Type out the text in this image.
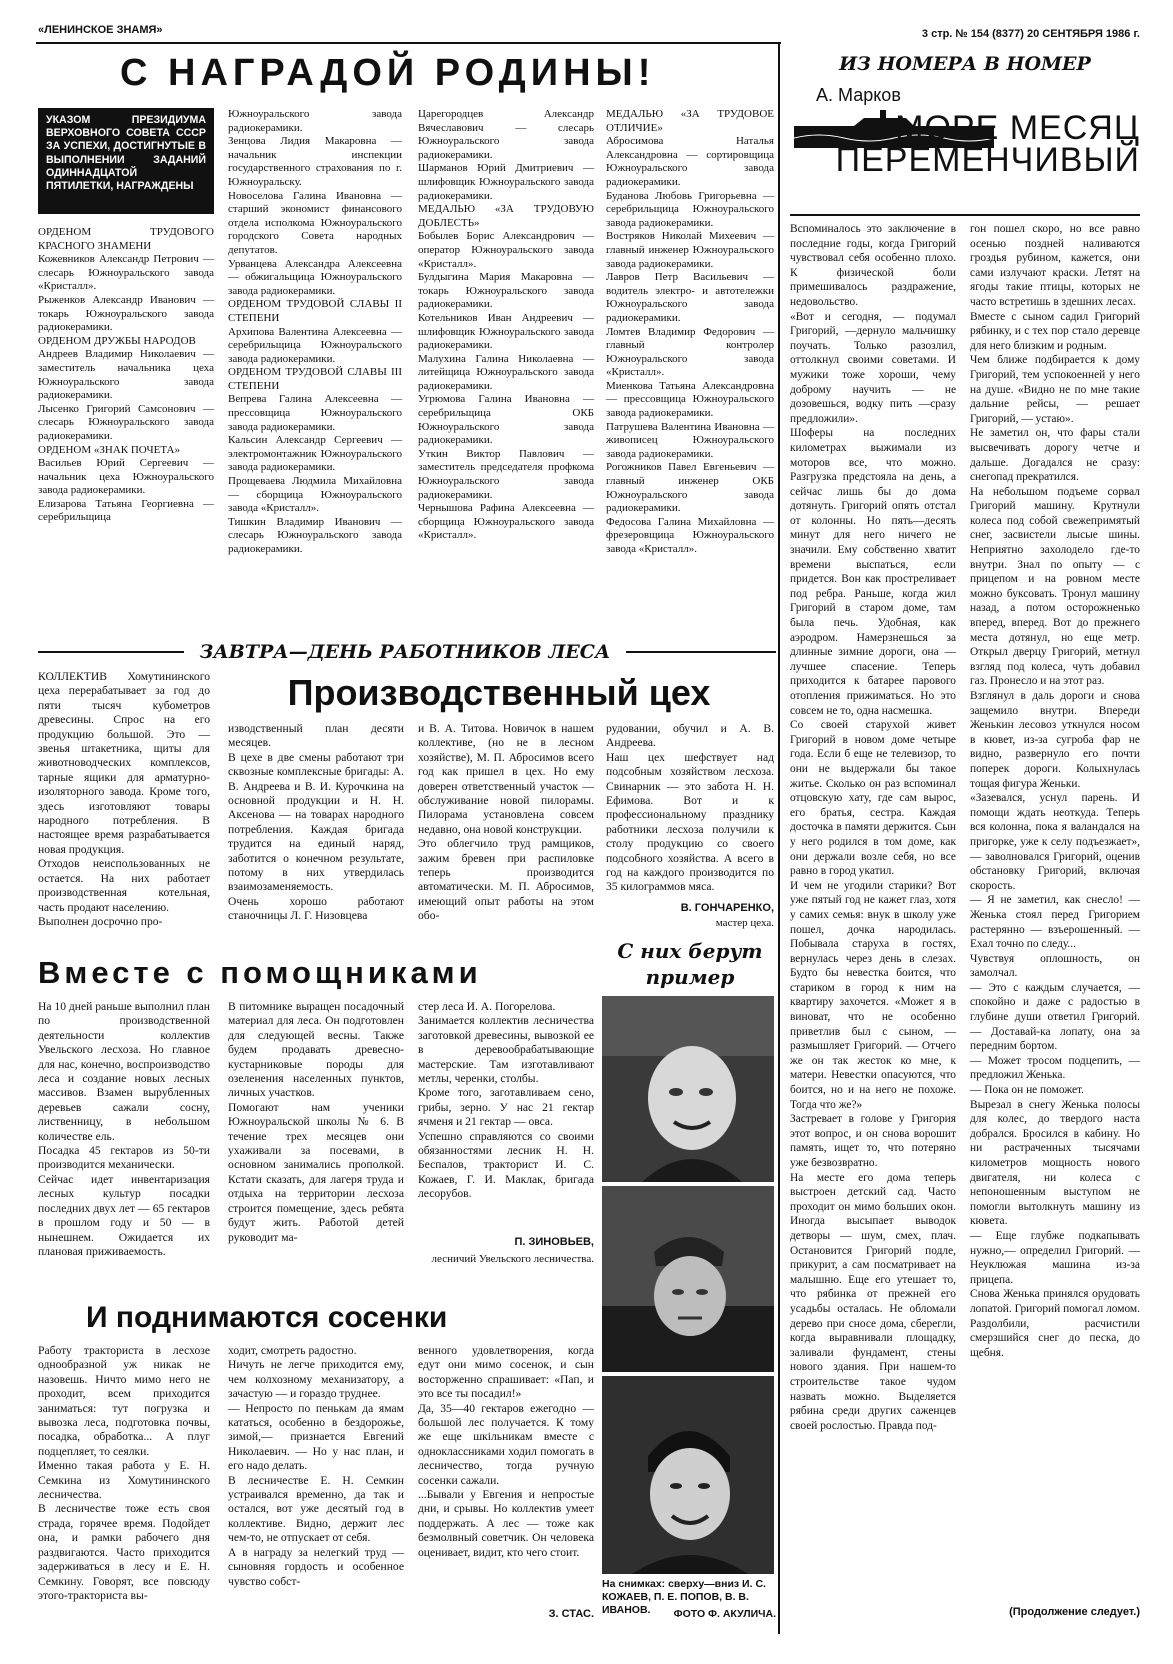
«ЛЕНИНСКОЕ ЗНАМЯ»	3 стр. № 154 (8377) 20 СЕНТЯБРЯ 1986 г.
С НАГРАДОЙ РОДИНЫ!
УКАЗОМ ПРЕЗИДИУМА ВЕРХОВНОГО СОВЕТА СССР ЗА УСПЕХИ, ДОСТИГНУТЫЕ В ВЫПОЛНЕНИИ ЗАДАНИЙ ОДИННАДЦАТОЙ ПЯТИЛЕТКИ, НАГРАЖДЕНЫ
ОРДЕНОМ ТРУДОВОГО КРАСНОГО ЗНАМЕНИ
Кожевников Александр Петрович — слесарь Южноуральского завода «Кристалл».
Рыженков Александр Иванович — токарь Южноуральского завода радиокерамики.
ОРДЕНОМ ДРУЖБЫ НАРОДОВ
Андреев Владимир Николаевич — заместитель начальника цеха Южноуральского завода радиокерамики.
Лысенко Григорий Самсонович — слесарь Южноуральского завода радиокерамики.
ОРДЕНОМ «ЗНАК ПОЧЕТА»
Васильев Юрий Сергеевич — начальник цеха Южноуральского завода радиокерамики.
Елизарова Татьяна Георгиевна — серебрильщица
Южноуральского завода радиокерамики.
Зенцова Лидия Макаровна — начальник инспекции государственного страхования по г. Южноуральску.
Новоселова Галина Ивановна — старший экономист финансового отдела исполкома Южноуральского городского Совета народных депутатов.
Урванцева Александра Алексеевна — обжигальщица Южноуральского завода радиокерамики.
ОРДЕНОМ ТРУДОВОЙ СЛАВЫ II СТЕПЕНИ
Архипова Валентина Алексеевна — серебрильщица Южноуральского завода радиокерамики.
ОРДЕНОМ ТРУДОВОЙ СЛАВЫ III СТЕПЕНИ
Вепрева Галина Алексеевна — прессовщица Южноуральского завода радиокерамики.
Кальсин Александр Сергеевич — электромонтажник Южноуральского завода радиокерамики.
Прощеваева Людмила Михайловна — сборщица Южноуральского завода «Кристалл».
Тишкин Владимир Иванович — слесарь Южноуральского завода радиокерамики.
Царегородцев Александр Вячеславович — слесарь Южноуральского завода радиокерамики.
Шарманов Юрий Дмитриевич — шлифовщик Южноуральского завода радиокерамики.
МЕДАЛЬЮ «ЗА ТРУДОВУЮ ДОБЛЕСТЬ»
Бобылев Борис Александрович — оператор Южноуральского завода «Кристалл».
Булдыгина Мария Макаровна — токарь Южноуральского завода радиокерамики.
Котельников Иван Андреевич — шлифовщик Южноуральского завода радиокерамики.
Малухина Галина Николаевна — литейщица Южноуральского завода радиокерамики.
Угрюмова Галина Ивановна — серебрильщица ОКБ Южноуральского завода радиокерамики.
Уткин Виктор Павлович — заместитель председателя профкома Южноуральского завода радиокерамики.
Чернышова Рафина Алексеевна — сборщица Южноуральского завода «Кристалл».
МЕДАЛЬЮ «ЗА ТРУДОВОЕ ОТЛИЧИЕ»
Абросимова Наталья Александровна — сортировщица Южноуральского завода радиокерамики.
Буданова Любовь Григорьевна — серебрильщица Южноуральского завода радиокерамики.
Востряков Николай Михеевич — главный инженер Южноуральского завода радиокерамики.
Лавров Петр Васильевич — водитель электро- и автотележки Южноуральского завода радиокерамики.
Ломтев Владимир Федорович — главный контролер Южноуральского завода «Кристалл».
Миенкова Татьяна Александровна — прессовщица Южноуральского завода радиокерамики.
Патрушева Валентина Ивановна — живописец Южноуральского завода радиокерамики.
Рогожников Павел Евгеньевич — главный инженер ОКБ Южноуральского завода радиокерамики.
Федосова Галина Михайловна — фрезеровщица Южноуральского завода «Кристалл».
ЗАВТРА—ДЕНЬ РАБОТНИКОВ ЛЕСА
Производственный цех
КОЛЛЕКТИВ Хомутининского цеха перерабатывает за год до пяти тысяч кубометров древесины. Спрос на его продукцию большой. Это — звенья штакетника, щиты для животноводческих комплексов, тарные ящики для арматурно-изоляторного завода. Кроме того, здесь изготовляют товары народного потребления. В настоящее время разрабатывается новая продукция.
Отходов неиспользованных не остается. На них работает производственная котельная, часть продают населению.
Выполнен досрочно про-
изводственный план десяти месяцев.
В цехе в две смены работают три сквозные комплексные бригады: А. В. Андреева и В. И. Курочкина на основной продукции и Н. Н. Аксенова — на товарах народного потребления. Каждая бригада трудится на единый наряд, заботится о конечном результате, потому в них утвердилась взаимозаменяемость.
Очень хорошо работают станочницы Л. Г. Низовцева
и В. А. Титова. Новичок в нашем коллективе, (но не в лесном хозяйстве), М. П. Абросимов всего год как пришел в цех. Но ему доверен ответственный участок — обслуживание новой пилорамы. Пилорама установлена совсем недавно, она новой конструкции.
Это облегчило труд рамщиков, зажим бревен при распиловке теперь производится автоматически. М. П. Абросимов, имеющий опыт работы на этом обо-
рудовании, обучил и А. В. Андреева.
Наш цех шефствует над подсобным хозяйством лесхоза. Свинарник — это забота Н. Н. Ефимова. Вот и к профессиональному празднику работники лесхоза получили к столу продукцию со своего подсобного хозяйства. А всего в год на каждого производится по 35 килограммов мяса.
В. ГОНЧАРЕНКО,
мастер цеха.
С них берут пример
Вместе с помощниками
На 10 дней раньше выполнил план по производственной деятельности коллектив Увельского лесхоза. Но главное для нас, конечно, воспроизводство леса и создание новых лесных массивов. Взамен вырубленных деревьев сажали сосну, лиственницу, в небольшом количестве ель.
Посадка 45 гектаров из 50-ти производится механически.
Сейчас идет инвентаризация лесных культур посадки последних двух лет — 65 гектаров в прошлом году и 50 — в нынешнем. Ожидается их плановая приживаемость.
В питомнике выращен посадочный материал для леса. Он подготовлен для следующей весны. Также будем продавать древесно-кустарниковые породы для озеленения населенных пунктов, личных участков.
Помогают нам ученики Южноуральской школы № 6. В течение трех месяцев они ухаживали за посевами, в основном занимались прополкой. Кстати сказать, для лагеря труда и отдыха на территории лесхоза строится помещение, здесь ребята будут жить. Работой детей руководит ма-
стер леса И. А. Погорелова.
Занимается коллектив лесничества заготовкой древесины, вывозкой ее в деревообрабатывающие мастерские. Там изготавливают метлы, черенки, столбы.
Кроме того, заготавливаем сено, грибы, зерно. У нас 21 гектар ячменя и 21 гектар — овса.
Успешно справляются со своими обязанностями лесник Н. Н. Беспалов, тракторист И. С. Кожаев, Г. И. Маклак, бригада лесорубов.
П. ЗИНОВЬЕВ,
лесничий Увельского лесничества.
На снимках: сверху—вниз И. С. КОЖАЕВ, П. Е. ПОПОВ, В. В. ИВАНОВ.	ФОТО Ф. АКУЛИЧА.
И поднимаются сосенки
Работу тракториста в лесхозе однообразной уж никак не назовешь. Ничто мимо него не проходит, всем приходится заниматься: тут погрузка и вывозка леса, подготовка почвы, посадка, обработка... А плуг подцепляет, то сеялки.
Именно такая работа у Е. Н. Семкина из Хомутининского лесничества.
В лесничестве тоже есть своя страда, горячее время. Подойдет она, и рамки рабочего дня раздвигаются. Часто приходится задерживаться в лесу и Е. Н. Семкину. Говорят, все повсюду этого-тракториста вы-
ходит, смотреть радостно.
Ничуть не легче приходится ему, чем колхозному механизатору, а зачастую — и гораздо труднее.
— Непросто по пенькам да ямам кататься, особенно в бездорожье, зимой,— признается Евгений Николаевич. — Но у нас план, и его надо делать.
В лесничестве Е. Н. Семкин устраивался временно, да так и остался, вот уже десятый год в коллективе. Видно, держит лес чем-то, не отпускает от себя.
А в награду за нелегкий труд — сыновняя гордость и особенное чувство собст-
венного удовлетворения, когда едут они мимо сосенок, и сын восторженно спрашивает: «Пап, и это все ты посадил!»
Да, 35—40 гектаров ежегодно — большой лес получается. К тому же еще шкільникам вместе с одноклассниками ходил помогать в лесничество, тогда ручную сосенки сажали.
...Бывали у Евгения и непростые дни, и срывы. Но коллектив умеет поддержать. А лес — тоже как безмолвный советчик. Он человека оценивает, видит, кто чего стоит.
З. СТАС.
ИЗ НОМЕРА В НОМЕР
А. Марков
МОРЕ МЕСЯЦ ПЕРЕМЕНЧИВЫЙ
Вспоминалось это заключение в последние годы, когда Григорий чувствовал себя особенно плохо. К физической боли примешивалось раздражение, недовольство.
«Вот и сегодня, — подумал Григорий, —дернуло мальчишку поучать. Только разозлил, оттолкнул своими советами. И мужики тоже хороши, чему доброму научить — не дозовешься, водку пить —сразу предложили».
Шоферы на последних километрах выжимали из моторов все, что можно. Разгрузка предстояла на день, а сейчас лишь бы до дома дотянуть. Григорий опять отстал от колонны. Но пять—десять минут для него ничего не значили. Ему собственно хватит времени выспаться, если придется. Вон как простреливает под ребра. Раньше, когда жил Григорий в старом доме, там была печь. Удобная, как аэродром. Намерзнешься за длинные зимние дороги, она — лучшее спасение. Теперь приходится к батарее парового отопления прижиматься. Но это совсем не то, одна насмешка.
Со своей старухой живет Григорий в новом доме четыре года. Если б еще не телевизор, то они не выдержали бы такое житье. Сколько он раз вспоминал отцовскую хату, где сам вырос, его братья, сестра. Каждая досточка в памяти держится. Сын у него родился в том доме, как они держали возле себя, но все равно в город укатил.
И чем не угодили старики? Вот уже пятый год не кажет глаз, хотя у самих семья: внук в школу уже пошел, дочка народилась. Побывала старуха в гостях, вернулась через день в слезах. Будто бы невестка боится, что стариком в город к ним на квартиру захочется. «Может я в виноват, что не особенно приветлив был с сыном, — размышляет Григорий. — Отчего же он так жесток ко мне, к матери. Невестки опасуются, что боится, но и на него не похоже. Тогда что же?»
Застревает в голове у Григория этот вопрос, и он снова ворошит память, ищет то, что потеряно уже безвозвратно.
На месте его дома теперь выстроен детский сад. Часто проходит он мимо больших окон. Иногда высыпает выводок детворы — шум, смех, плач. Остановится Григорий подле, прикурит, а сам посматривает на малышню. Еще его утешает то, что рябинка от прежней его усадьбы осталась. Не обломали дерево при сносе дома, сберегли, когда выравнивали площадку, заливали фундамент, стены нового здания. При нашем-то строительстве такое чудом назвать можно. Выделяется рябина среди других саженцев своей рослостью. Правда под-
гон пошел скоро, но все равно осенью поздней наливаются гроздья рубином, кажется, они сами излучают краски. Летят на ягоды такие птицы, которых не часто встретишь в здешних лесах.
Вместе с сыном садил Григорий рябинку, и с тех пор стало деревце для него близким и родным.
Чем ближе подбирается к дому Григорий, тем успокоенней у него на душе. «Видно не по мне такие дальние рейсы, — решает Григорий, — устаю».
Не заметил он, что фары стали высвечивать дорогу четче и дальше. Догадался не сразу: снегопад прекратился.
На небольшом подъеме сорвал Григорий машину. Крутнули колеса под собой свежепримятый снег, засвистели лысые шины. Неприятно захолодело где-то внутри. Знал по опыту — с прицепом и на ровном месте можно буксовать. Тронул машину назад, а потом осторожненько вперед, вперед. Вот до прежнего места дотянул, но еще метр. Открыл дверцу Григорий, метнул взгляд под колеса, чуть добавил газ. Пронесло и на этот раз.
Взглянул в даль дороги и снова защемило внутри. Впереди Женькин лесовоз уткнулся носом в кювет, из-за сугроба фар не видно, развернуло его почти поперек дороги. Колыхнулась тощая фигура Женьки.
«Зазевался, уснул парень. И помощи ждать неоткуда. Теперь вся колонна, пока я валандался на пригорке, уже к селу подъезжает», — заволновался Григорий, оценив обстановку Григорий, включая скорость.
— Я не заметил, как снесло! — Женька стоял перед Григорием растерянно — взъерошенный. — Ехал точно по следу...
Чувствуя оплошность, он замолчал.
— Это с каждым случается, — спокойно и даже с радостью в глубине души ответил Григорий. — Доставай-ка лопату, она за передним бортом.
— Может тросом подцепить, — предложил Женька.
— Пока он не поможет.
Вырезал в снегу Женька полосы для колес, до твердого наста добрался. Бросился в кабину. Но ни растраченных тысячами километров мощность нового двигателя, ни колеса с непоношенным выступом не помогли вытолкнуть машину из кювета.
— Еще глубже подкапывать нужно,— определил Григорий. — Неуклюжая машина из-за прицепа.
Снова Женька принялся орудовать лопатой. Григорий помогал ломом. Раздолбили, расчистили смерзшийся снег до песка, до щебня.
(Продолжение следует.)
